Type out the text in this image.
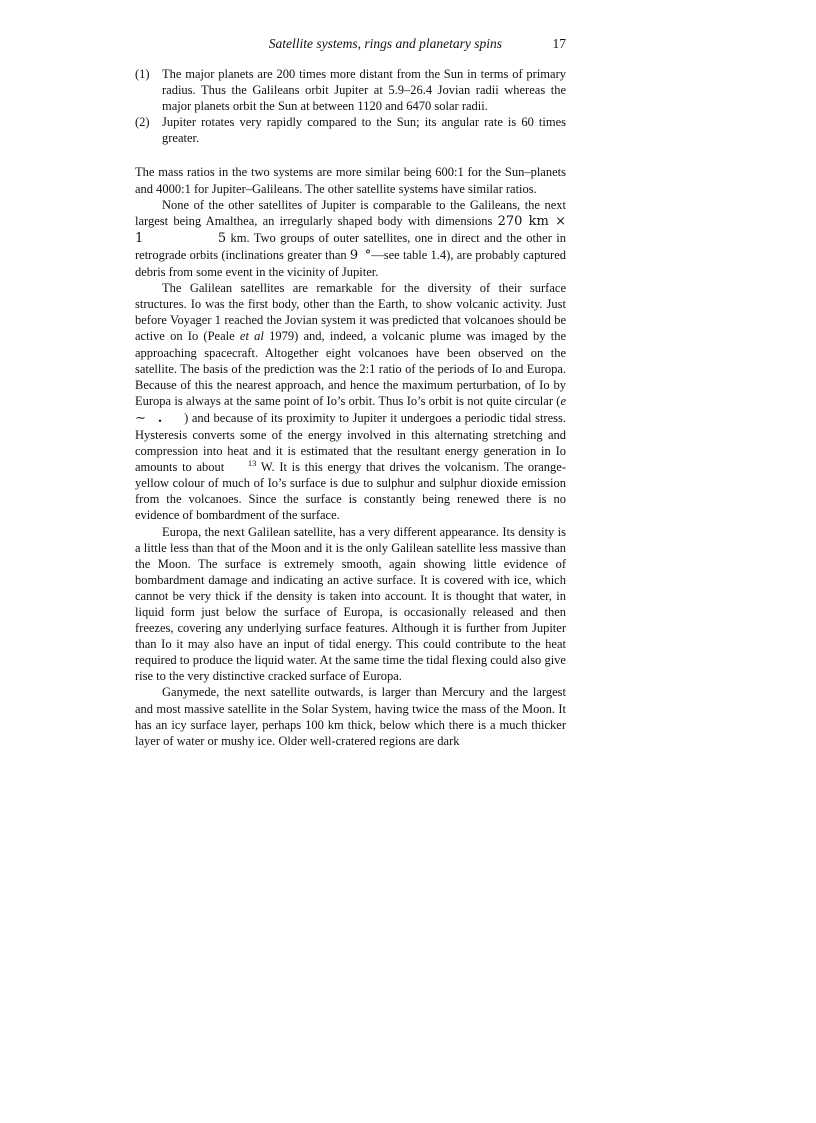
Satellite systems, rings and planetary spins	17
(1) The major planets are 200 times more distant from the Sun in terms of primary radius. Thus the Galileans orbit Jupiter at 5.9–26.4 Jovian radii whereas the major planets orbit the Sun at between 1120 and 6470 solar radii.
(2) Jupiter rotates very rapidly compared to the Sun; its angular rate is 60 times greater.

The mass ratios in the two systems are more similar being 600:1 for the Sun–planets and 4000:1 for Jupiter–Galileans. The other satellite systems have similar ratios.

None of the other satellites of Jupiter is comparable to the Galileans, the next largest being Amalthea, an irregularly shaped body with dimensions 270 km × 1	5 km. Two groups of outer satellites, one in direct and the other in retrograde orbits (inclinations greater than 9 °—see table 1.4), are probably captured debris from some event in the vicinity of Jupiter.

The Galilean satellites are remarkable for the diversity of their surface structures. Io was the first body, other than the Earth, to show volcanic activity. Just before Voyager 1 reached the Jovian system it was predicted that volcanoes should be active on Io (Peale et al 1979) and, indeed, a volcanic plume was imaged by the approaching spacecraft. Altogether eight volcanoes have been observed on the satellite. The basis of the prediction was the 2:1 ratio of the periods of Io and Europa. Because of this the nearest approach, and hence the maximum perturbation, of Io by Europa is always at the same point of Io’s orbit. Thus Io’s orbit is not quite circular (e ∼   . ) and because of its proximity to Jupiter it undergoes a periodic tidal stress. Hysteresis converts some of the energy involved in this alternating stretching and compression into heat and it is estimated that the resultant energy generation in Io amounts to about     $^{13}$ W. It is this energy that drives the volcanism. The orange-yellow colour of much of Io’s surface is due to sulphur and sulphur dioxide emission from the volcanoes. Since the surface is constantly being renewed there is no evidence of bombardment of the surface.

Europa, the next Galilean satellite, has a very different appearance. Its density is a little less than that of the Moon and it is the only Galilean satellite less massive than the Moon. The surface is extremely smooth, again showing little evidence of bombardment damage and indicating an active surface. It is covered with ice, which cannot be very thick if the density is taken into account. It is thought that water, in liquid form just below the surface of Europa, is occasionally released and then freezes, covering any underlying surface features. Although it is further from Jupiter than Io it may also have an input of tidal energy. This could contribute to the heat required to produce the liquid water. At the same time the tidal flexing could also give rise to the very distinctive cracked surface of Europa.

Ganymede, the next satellite outwards, is larger than Mercury and the largest and most massive satellite in the Solar System, having twice the mass of the Moon. It has an icy surface layer, perhaps 100 km thick, below which there is a much thicker layer of water or mushy ice. Older well-cratered regions are dark
